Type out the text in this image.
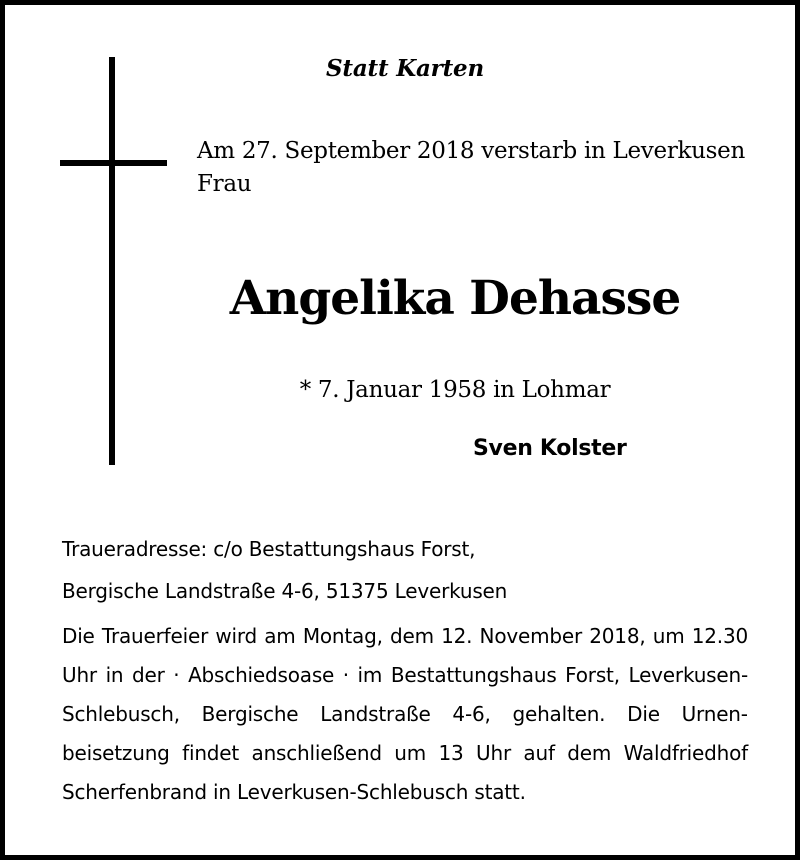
Statt Karten
Am 27. September 2018 verstarb in Leverkusen
Frau
Angelika Dehasse
* 7. Januar 1958 in Lohmar
Sven Kolster
Traueradresse: c/o Bestattungshaus Forst,
Bergische Landstraße 4-6, 51375 Leverkusen
Die Trauerfeier wird am Montag, dem 12. November 2018, um 12.30 Uhr in der · Abschiedsoase · im Bestattungshaus Forst, Leverkusen-Schlebusch, Bergische Landstraße 4-6, gehalten. Die Urnenbeisetzung findet anschließend um 13 Uhr auf dem Waldfriedhof Scherfenbrand in Leverkusen-Schlebusch statt.
